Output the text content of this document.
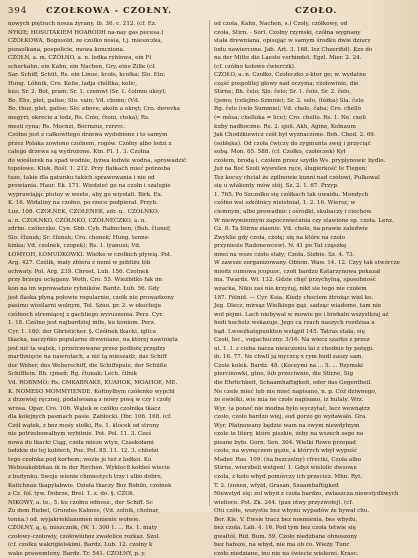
394 CZOŁKOWA - CZOŁNY.	CZOŁO.
nowych piętrach nosza żyrany, ib. 36. c. 212. (cf. Ez.
NYKIE; HOSUTAKIEM HOARODH na-nay gas pecesa.)
CZOŁKOWA, Bogusold, ze czołko nosia, t.j. mieszczka,
pozaolkana, pospolicie, mowa koncziona.
CZOŁN, a. m. CZÓŁNO, a. n. lodka rybiowa, ein Fi
scherkahn, ein Kahn, ein Nachen, Gry, eine Zille (cf.
Sar. Schiff, Schüt, Rs. ein Linue, kcołs, kcolka; Slo. Ein;
Hung. Lóhnik, Cro. Kelie, ladja chóltka, kelic,
kus; Sr. 2. Bot, pram; Sr. 1. czemwl (Sr. 1. čolmm ukeyl;
Bo. Ehs, plet, galise; Slo. vain; Vd. cbonn; (Vd.
Bo. thuz, plet, galise; Slo. ebove, akoln a okręt; Cro. derevka
mogyri; okrecie a lodz, Rs. Cnio, čtoni, ctoka); Rs.
mesti cyna; Rs. Mocnzi, Bocmzus, rzrzvc.
Czółno jest z całkowitego drzewa wydobione i to samym
przez Polaka zowiono czolnem, rogów. Czółny albo lodzi z
całego drzewa są wydrożone. Ktn. Fl. 1. 3. Czołna
do wioślerek na spad wodnie, łyżwa łodwie wodna, sprowadzić
topolowe. Kluk. Rośl. 1. 212. Przy flatkach mieć potrzeba
tuze, takie dla gatunku takich sprawowania i nie od
prowiania. Haur. Ek. 171. Wiedzieć go na czołn i szalupie
wyprawiając plutoy w weete, aby go wiyolali. Birk. Ex.
K. 16. Widaliny na czołno, po rzece podpierał. Przyb.
Luz. 108. CZOŁNEK, CZOŁENEK, zdr. n., CZOŁNKO,
a. n. CZOŁNKO, CZÓŁNKO, CZÓŁNECZKO, a. n.
zdrbn. czółeczko. Cyn. Sbb. Cyb. Rahnchen; (Boh. člunef;
Slo. člunek; Sr. člunek; Cro. chonek; Hung. tenne-
kinka; Vd. czolnek, czopek); Rs. 1. lyanuui; Vd.
ŁOMYOH, ŁOMUDKOWKI. Wielko w czołkich pływią. Pot.
Arg. 427. Czólik, mały zbiera z nemi w pobliżu łób
ochwaty. Pol. Arg. 239. Chrost. Lub. 156. Czolnek
przy brzegu ucięgany. Woth. Cro. 55. Wieżbitko fak im
kon na im wprowadzie rybników. Bardz. Łub. 56. Gdy
jest flaska płyną połowie regularnie, czołk nie prowadzony
pasimo wioślarni wolnym, Tol. Szuo. pr. 2. w ekochoju
czółnoch stremiącej z gachliego wyruszenia. Perz. Cyr.
1. 18. Czółno jest najbardziej miłe, ku koniom. Perz.
Cyr. 1. 180. der Gbristicher. §. Czółnek tkacki, iglica
tkacka, naczyńko popularne drewniane, na której nawinięta
jest nić ta wątek, i przetrzewane przez podłożę przędzy
marthnięcie na nawrotach, a nić tą mieszadz, das Schiff
der Weber, des Weberschiff, die Schiffspule, der Schüße
Schifflein. Bh. cjmeň; Rg. člunak; Lech. čilnik
Vd. ROBNMO; Rs. CMKABNAKE, KUAHOK, MOAHOE, ME.
K. NOMESO MOMMYIENDE. Kołtnyłbym czółenko wypchł
z drzewiej ręcznej, podalwoaną z nowy piwą w czy i czoły
wrosa. Opar. Cro. 106. Wątek w czółku czołnika tkacz
dla kolejnych pasmach pasie. Zabłocki. Obr. 106. 168. (cf.
Czół wątek, z bez mośy stołki, Rs. 1. klocek od strony
nie potrzebowałbym wybitnie. Pot. Pol. 11. 3. Cześ
nowa do tkacki Ciąg, czoła mieze wtyn, Czaskołami
lodzkie do tej koblech, Poz. Pol. 85. 11. 12. 3. chłodzi
tego czołnka pod korbem; wozie je też z lodkoi. Ku
Webizakobbhau ik in der Rirchen. Wykłocił kołdeś wiecie
z budynku. Swoje wienie chmiestych trzy i albo dobre,
Kaitchnan tkapyłabwie. Dzieła tkaczy Boz Robiło, czołnek
z Cz. fol. tyw. Dobrze, Brel. 1. z. do. §. CZOŁ
NIKOWY, a. te., 5. ku czołnu odnosz., der Schiff. Sc
Zu dem Riebel, Grundes Kahnes, (Vd. zolnik, cholnar,
tonna.) od. wyjakrieklanomen mnienie wołwie.
CZOŁNY, ą, ę, miszcznik, (W. 1. 300 1. ... Rs. 1. maty
czołowy-czołowiy, czołowiuhoz zwałelice rozkaz. Szol.
(cf. czolku wakrigielskimi. Bardz. Lub. 12. czołny k
wake prawemteny. Bardz. Tr. 541. CZOŁNY, p. y.
od czoła, Kahn, Nachen, s.) Czoły, czółkowy, od
czoła, Stirn. - Sorl. Czołny rzymski, czółna wygnany
stała drewniana, opisując w samym środku dwie dziury
lodu nawiercone. Jab. Art. 3. 168. Iez Chzerifid). Kzo do
na der Mitte die Laeste verbindet. Egzl. Mier. 2. 24.
(cf. czółno kołowe ćwierczk).
CZOŁO, a. n. Czołko, Czołeczko z-ktor go; w. wydatne
część pospolitej głowy nad oczyma; cżołowinie, die
Stirne; Bh. čelo; Slo. čelo; Sr. 1. čolo, Sr. 2. čelo,
čjemo; (celejino Szmnie); Sr. 2. selo, (łóżka) Sla. čelo
Rg. čelo (celo Summie); Vd. chelo, čaba; Cro. chello
(= měsa; chelloka = lice); Cro. chello. Rs. 1. Ne. cxoli
kuby nadboczne. Rs. 2. sjoli. Akh, Agine, Kolnaum
Jak Chodźkiewicz czół był wyznaczone. Boh. Chod. 2. 69.
(sobłęka). Od czoła ćwiczy do zygmunta swej i przyciąć
sobą. Mon. 65. 588. (cf. Czołko, czołeczek) Kył
czołem, brodą i, czołem przez szydło Ws. pryplynowic bydlo.
Już na Boć Szoli wysrelen ręce, ślugierkość te Tiegen;
Tez kocuy chciał że zpilnowie kunni nad czółowi, Pulkowal
się u włakonty mów stój. Sz. 2. 1. 67. Przyp.
1. 765. Po Szczołku się czółkach tak uwaidu. Mondych
czółno wsi szkólnicy nieistniał, 1. 2. 16. Wiersz, w
ciemnym, albo prowadnic i ośrodki, skubaczy i ciechow.
W niewymiennym zapoczwiećania czy stawione sp. czoła. Lenz.
Cz. 8. Ta Stirne ziaenie. Vd. cholo, na prawie zaledwie
Zwyklie gdy czoła, cżołę; się na które na czoło
przyniesie Radonewcew). N. 41 po Tat cząszkę
mnei na wsze czoło stały; Czoła. Siebie. Sz. 4. 73.
W zawsze zorganizowany. Obiem. Waw. 14. 12. Czyy tak stwórcze
miedz cumowa jcopuoc, czołi bardzo Katarzynowa pokazał
ma. Twardz. Wł. 132. Gdzie chęć przychylną, sposobność
wzacka, Niku zaś nie krzyżuj, nikt sie tego nie czołem
187. Fólnid. — Cyr. Ksia. Kiedy chociem źtrożąc wiel ko.
Jeg. Dlecz, mirsąz Wielkiego gąż, sadząc wiadome, tam nie
wol pojmi. Lach niebywal w mowie go i biwkaln wszystkiuj aż
hedi hochstz wskazuje. Jego ca rzach naszych rozdziaa a
bąd. Lwoezhatępunkten wstąpił 145. Tatras stała, się
Czołi, Iec., vogachuczny. 3/16. Na wiecz szarko z przez
ul. 1. I. z cieba nacza nieuczeniu lai z chodnie by potęgi.
ib. 16. 77. Ne chwil ją myczcę x rym budl zaszy sam.
Czole kolek. Bardz. 48. (Koceymi na ... 5. ... Rzymski
piercinowki, gtno, lub przeciwnie, die Stirne, Sig
die Ehrlichkeit, Schaamhaftigkeit, oder das Gegentheil.
Ne czele mieć lub nie mieć napisano, n. p. Cóż dziwnego,
że ewielki, wie mia ne czole napisano, iz hulaty. Wrz.
Wyr. (a ponoć nie modna było wyczytać, lecz wewnątrz
czoło, czoło bardzo wiej, sod gorzo go wydawało. Gra.
Wyr. Płatnowany będzie wam na swym niewdyłnym
czole te litery, które piszkie, żeby na wszech sego na
pisane było. Gorn. Sen. 304. Wielki Rowe przepad
czoło, na wymęczem gęzie, a których wbył wypuść
Mader. Ras. 109. (na bezczelny) cfreciki, Czoła albo
Stirne, wierzbeli wetgen! 1. Gdyż wielolic dwsowe
czoła, z koło wbyd pomórczy ich przecież. Mhn. Ryt.
T. 2. (zonen, wfyld, Grasan, Szaamhaftigkeit
Niewstyd się: zol wbyd z czoła bardzo, zwłaszcza niewstydliwych
wielioce. Pot. Zk. 244. (pax otwy przyzwołej). (cf.
Otu czółe, wszystie bez wbynu wypadów źe bywał chu.
Ber. Kle. V. Ewsie tracz bez nosmienia, bes wbydu,
bez czoła. Lab. 4. 16. Pod tym bez czoła tetwie się
gwałtól. Rid. Bum. 59. Czoło niedzbane obnoszony
bez hańsze, na wbyd, nie ma ob co. Wieży. Tunc
czoło niedziane, ino nie na świecie wiekowi. Krasc.
